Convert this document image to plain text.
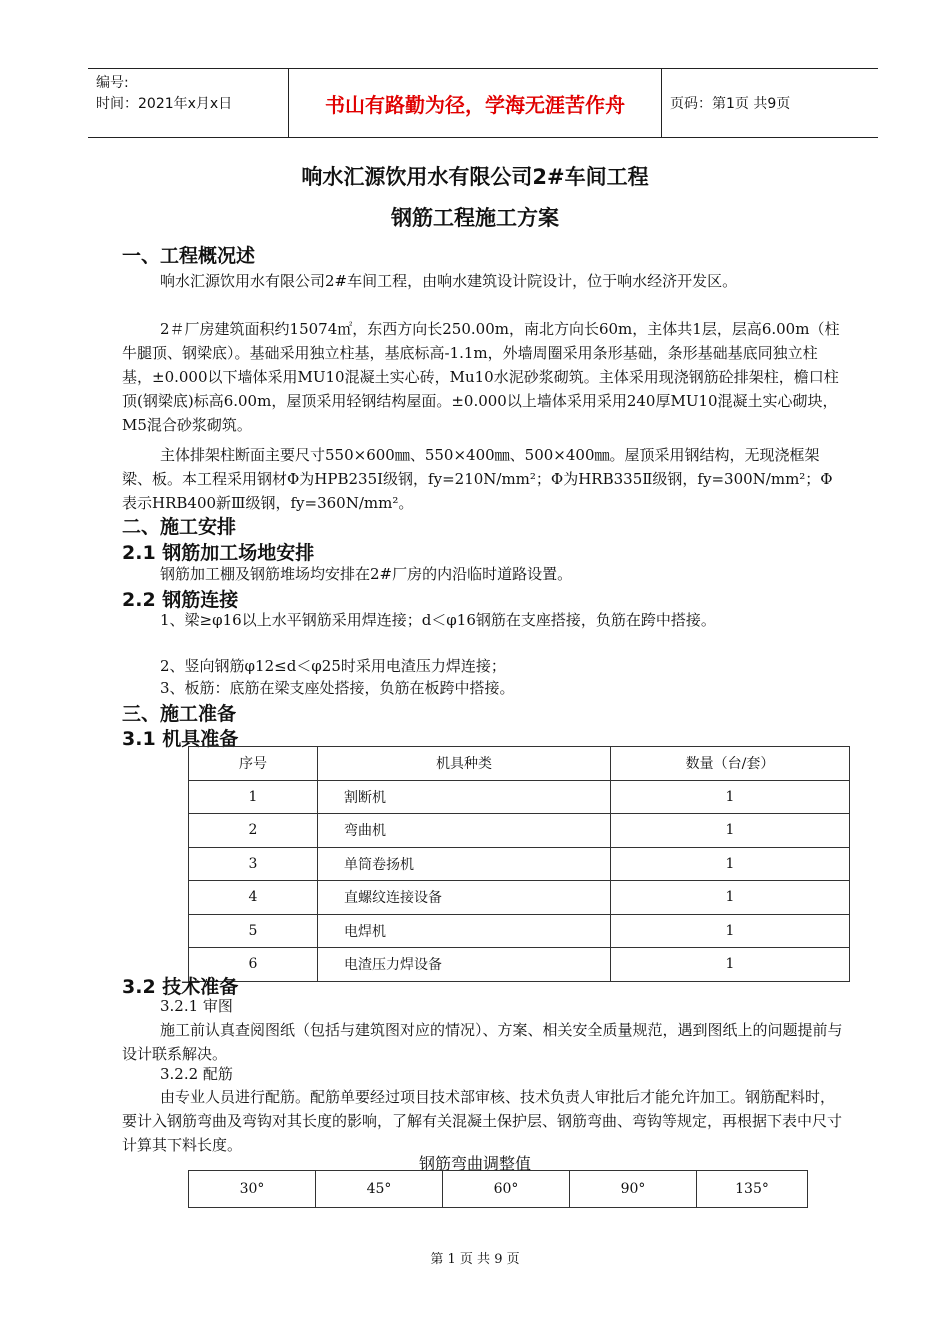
编号:
时间：2021年x月x日	书山有路勤为径，学海无涯苦作舟	页码：第1页 共9页
响水汇源饮用水有限公司2#车间工程
钢筋工程施工方案
一、工程概况述
响水汇源饮用水有限公司2#车间工程，由响水建筑设计院设计，位于响水经济开发区。
2＃厂房建筑面积约15074㎡，东西方向长250.00m，南北方向长60m，主体共1层，层高6.00m（柱牛腿顶、钢梁底）。基础采用独立柱基，基底标高-1.1m，外墙周圈采用条形基础，条形基础基底同独立柱基，±0.000以下墙体采用MU10混凝土实心砖，Mu10水泥砂浆砌筑。主体采用现浇钢筋砼排架柱，檐口柱顶(钢梁底)标高6.00m，屋顶采用轻钢结构屋面。±0.000以上墙体采用采用240厚MU10混凝土实心砌块，M5混合砂浆砌筑。
主体排架柱断面主要尺寸550×600㎜、550×400㎜、500×400㎜。屋顶采用钢结构，无现浇框架梁、板。本工程采用钢材Φ为HPB235Ⅰ级钢，fy=210N/mm²；Φ为HRB335Ⅱ级钢，fy=300N/mm²；Φ表示HRB400新Ⅲ级钢，fy=360N/mm²。
二、施工安排
2.1 钢筋加工场地安排
钢筋加工棚及钢筋堆场均安排在2#厂房的内沿临时道路设置。
2.2 钢筋连接
1、梁≥φ16以上水平钢筋采用焊连接；d＜φ16钢筋在支座搭接，负筋在跨中搭接。
2、竖向钢筋φ12≤d＜φ25时采用电渣压力焊连接；
3、板筋：底筋在梁支座处搭接，负筋在板跨中搭接。
三、施工准备
3.1 机具准备
序号	机具种类	数量（台/套）
1	割断机	1
2	弯曲机	1
3	单筒卷扬机	1
4	直螺纹连接设备	1
5	电焊机	1
6	电渣压力焊设备	1
3.2 技术准备
3.2.1 审图
施工前认真查阅图纸（包括与建筑图对应的情况）、方案、相关安全质量规范，遇到图纸上的问题提前与设计联系解决。
3.2.2 配筋
由专业人员进行配筋。配筋单要经过项目技术部审核、技术负责人审批后才能允许加工。钢筋配料时，要计入钢筋弯曲及弯钩对其长度的影响，了解有关混凝土保护层、钢筋弯曲、弯钩等规定，再根据下表中尺寸计算其下料长度。
钢筋弯曲调整值
30°	45°	60°	90°	135°
第 1 页 共 9 页
